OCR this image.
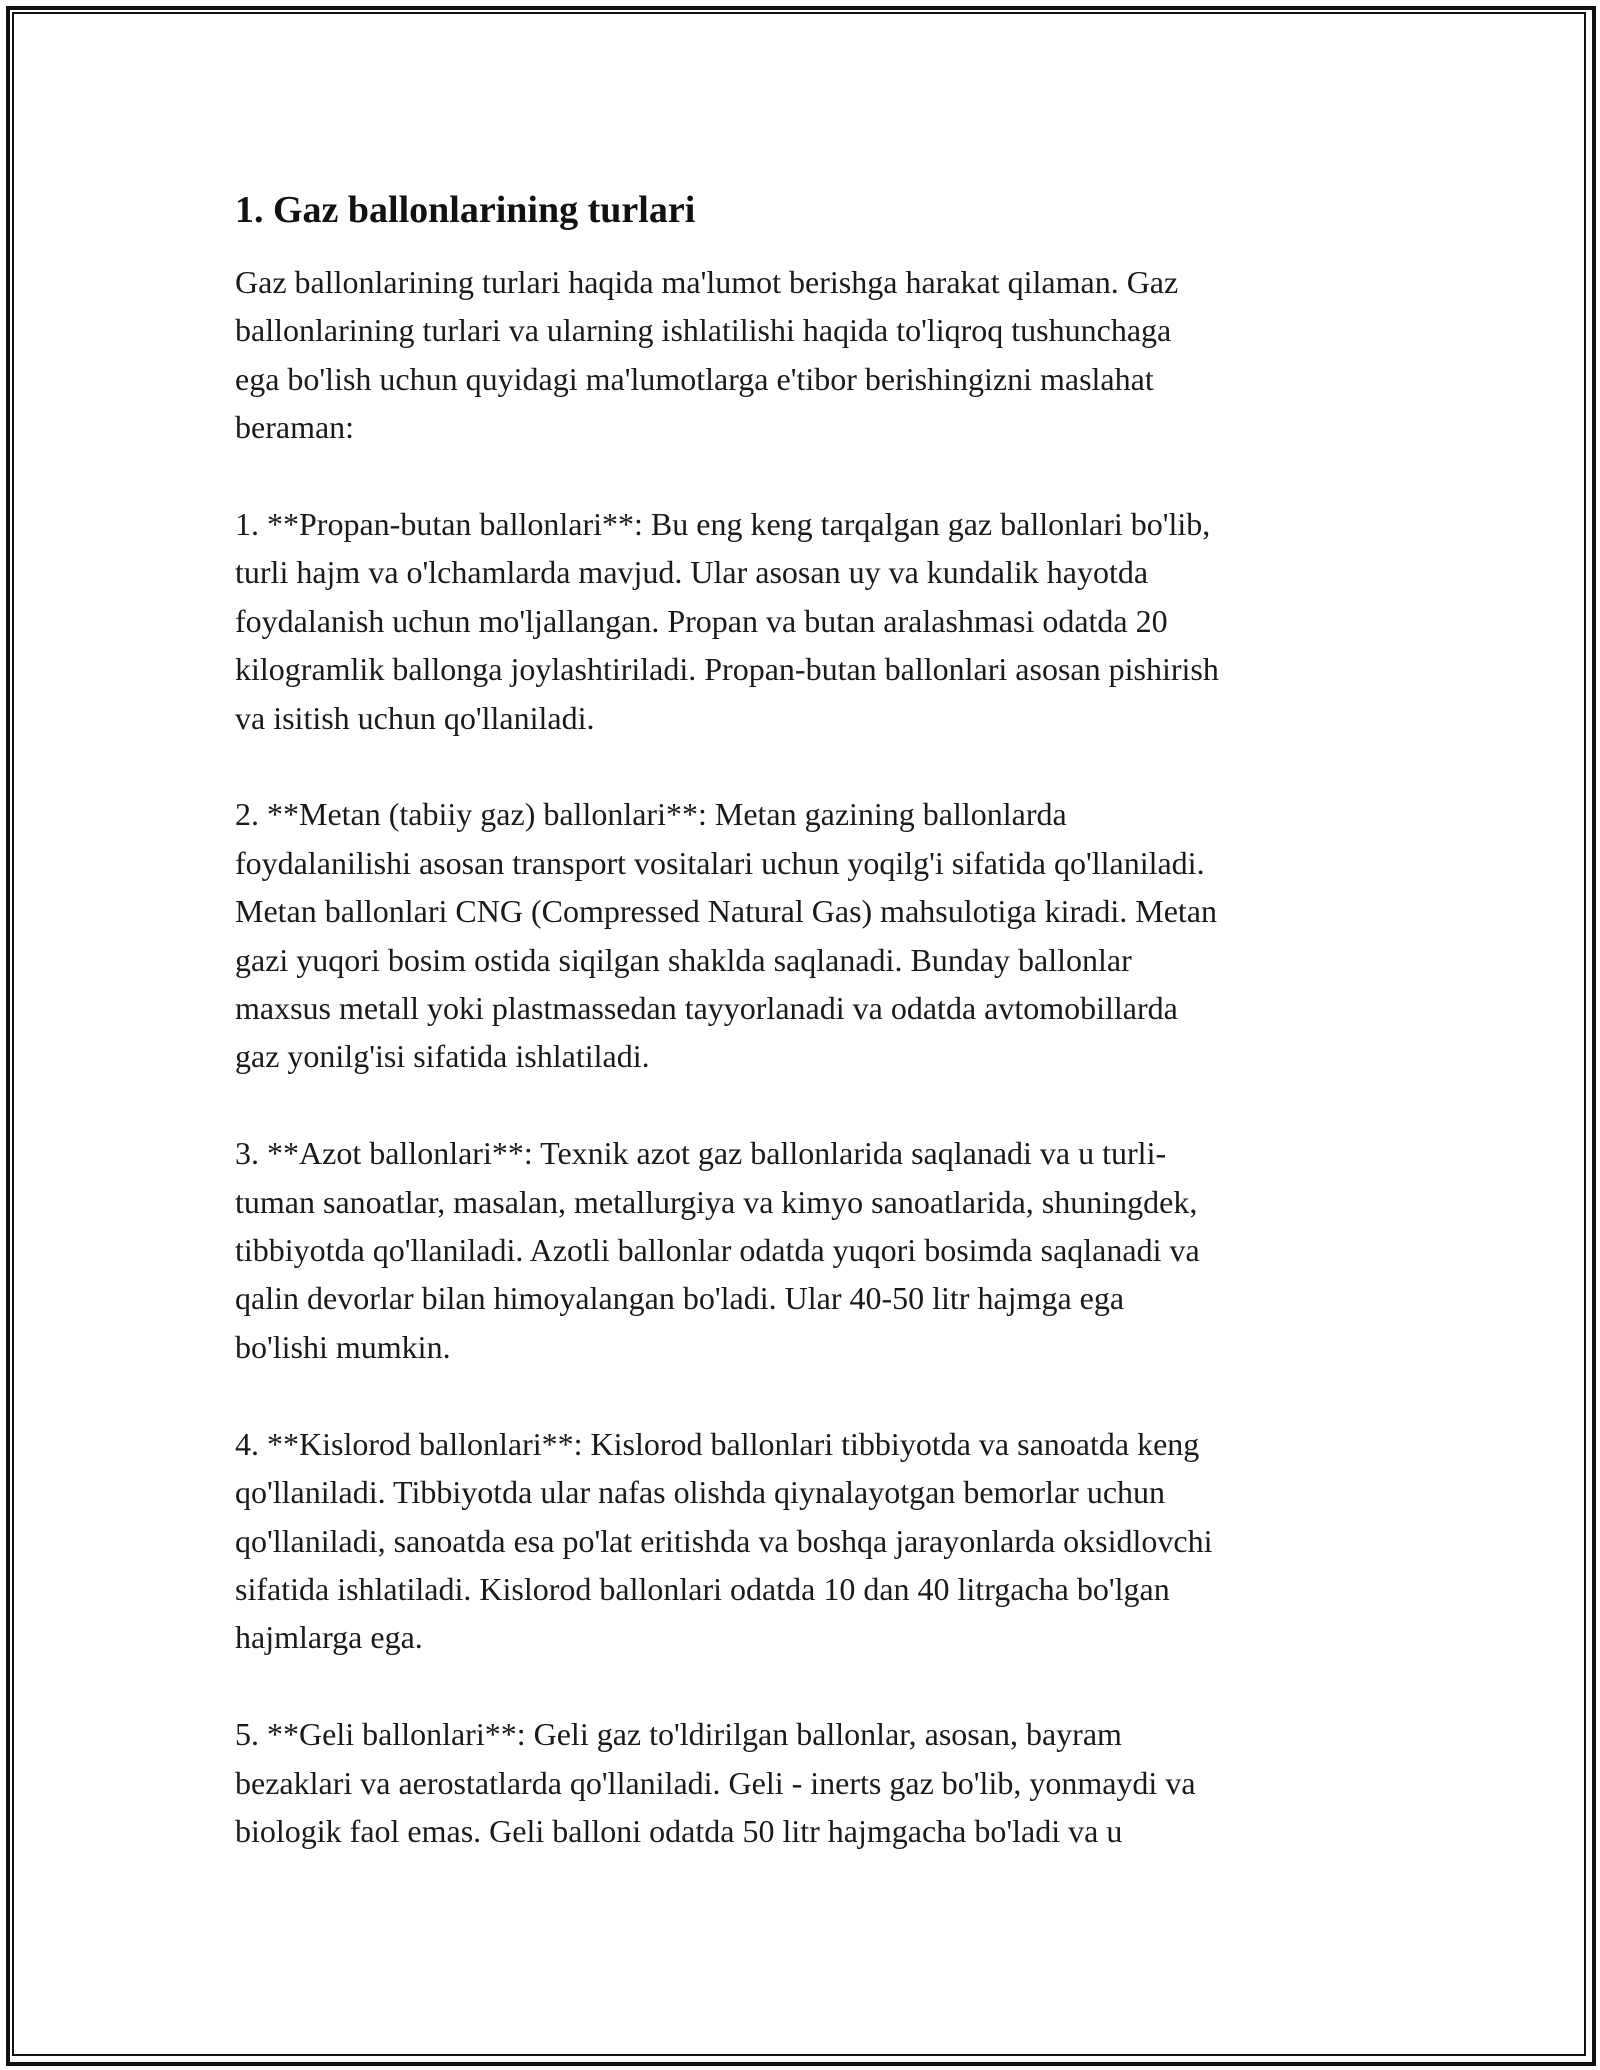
1. Gaz ballonlarining turlari

Gaz ballonlarining turlari haqida ma'lumot berishga harakat qilaman. Gaz
ballonlarining turlari va ularning ishlatilishi haqida to'liqroq tushunchaga
ega bo'lish uchun quyidagi ma'lumotlarga e'tibor berishingizni maslahat
beraman:

1. **Propan-butan ballonlari**: Bu eng keng tarqalgan gaz ballonlari bo'lib,
turli hajm va o'lchamlarda mavjud. Ular asosan uy va kundalik hayotda
foydalanish uchun mo'ljallangan. Propan va butan aralashmasi odatda 20
kilogramlik ballonga joylashtiriladi. Propan-butan ballonlari asosan pishirish
va isitish uchun qo'llaniladi.

2. **Metan (tabiiy gaz) ballonlari**: Metan gazining ballonlarda
foydalanilishi asosan transport vositalari uchun yoqilg'i sifatida qo'llaniladi.
Metan ballonlari CNG (Compressed Natural Gas) mahsulotiga kiradi. Metan
gazi yuqori bosim ostida siqilgan shaklda saqlanadi. Bunday ballonlar
maxsus metall yoki plastmassedan tayyorlanadi va odatda avtomobillarda
gaz yonilg'isi sifatida ishlatiladi.

3. **Azot ballonlari**: Texnik azot gaz ballonlarida saqlanadi va u turli-
tuman sanoatlar, masalan, metallurgiya va kimyo sanoatlarida, shuningdek,
tibbiyotda qo'llaniladi. Azotli ballonlar odatda yuqori bosimda saqlanadi va
qalin devorlar bilan himoyalangan bo'ladi. Ular 40-50 litr hajmga ega
bo'lishi mumkin.

4. **Kislorod ballonlari**: Kislorod ballonlari tibbiyotda va sanoatda keng
qo'llaniladi. Tibbiyotda ular nafas olishda qiynalayotgan bemorlar uchun
qo'llaniladi, sanoatda esa po'lat eritishda va boshqa jarayonlarda oksidlovchi
sifatida ishlatiladi. Kislorod ballonlari odatda 10 dan 40 litrgacha bo'lgan
hajmlarga ega.

5. **Geli ballonlari**: Geli gaz to'ldirilgan ballonlar, asosan, bayram
bezaklari va aerostatlarda qo'llaniladi. Geli - inerts gaz bo'lib, yonmaydi va
biologik faol emas. Geli balloni odatda 50 litr hajmgacha bo'ladi va u
